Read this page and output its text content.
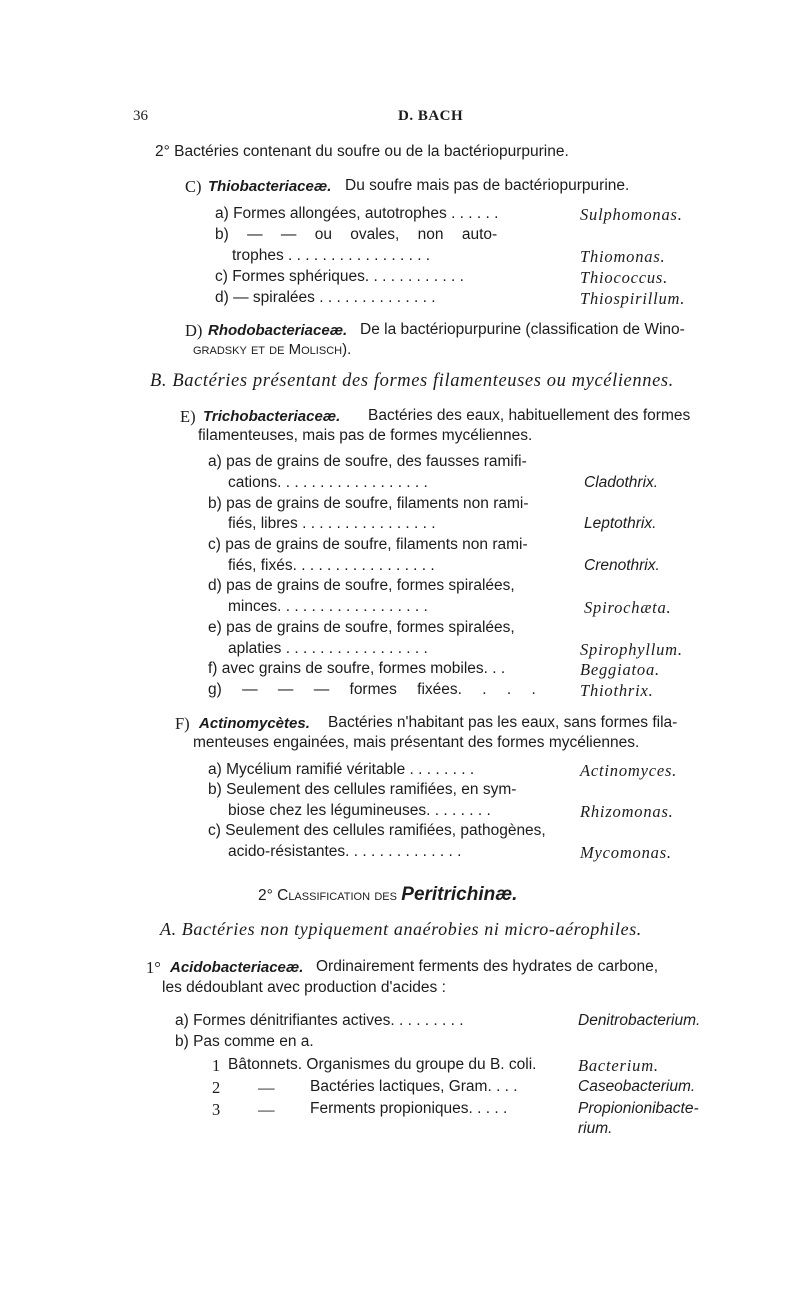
36	D. BACH
2° Bactéries contenant du soufre ou de la bactériopurpurine.
C) Thiobacteriaceæ. Du soufre mais pas de bactériopurpurine.
a) Formes allongées, autotrophes . . . . . .	Sulphomonas.
b) — — ou ovales, non auto-
trophes . . . . . . . . . . . . . . . . .	Thiomonas.
c) Formes sphériques. . . . . . . . . . . .	Thiococcus.
d) — spiralées . . . . . . . . . . . . . .	Thiospirillum.
D) Rhodobacteriaceæ. De la bactériopurpurine (classification de Wino-
gradsky et de Molisch).
B. Bactéries présentant des formes filamenteuses ou mycéliennes.
E) Trichobacteriaceæ. Bactéries des eaux, habituellement des formes
filamenteuses, mais pas de formes mycéliennes.
a) pas de grains de soufre, des fausses ramifi-
cations. . . . . . . . . . . . . . . . . .	Cladothrix.
b) pas de grains de soufre, filaments non rami-
fiés, libres . . . . . . . . . . . . . . . .	Leptothrix.
c) pas de grains de soufre, filaments non rami-
fiés, fixés. . . . . . . . . . . . . . . . .	Crenothrix.
d) pas de grains de soufre, formes spiralées,
minces. . . . . . . . . . . . . . . . . .	Spirochæta.
e) pas de grains de soufre, formes spiralées,
aplaties . . . . . . . . . . . . . . . . .	Spirophyllum.
f) avec grains de soufre, formes mobiles. . .	Beggiatoa.
g) — — — formes fixées. . . .	Thiothrix.
F) Actinomycètes. Bactéries n'habitant pas les eaux, sans formes fila-
menteuses engainées, mais présentant des formes mycéliennes.
a) Mycélium ramifié véritable . . . . . . . .	Actinomyces.
b) Seulement des cellules ramifiées, en sym-
biose chez les légumineuses. . . . . . . .	Rhizomonas.
c) Seulement des cellules ramifiées, pathogènes,
acido-résistantes. . . . . . . . . . . . . .	Mycomonas.
2° Classification des Peritrichinæ.
A. Bactéries non typiquement anaérobies ni micro-aérophiles.
1° Acidobacteriaceæ. Ordinairement ferments des hydrates de carbone,
les dédoublant avec production d'acides :
a) Formes dénitrifiantes actives. . . . . . . . .	Denitrobacterium.
b) Pas comme en a.
1 Bâtonnets. Organismes du groupe du B. coli.	Bacterium.
2 — Bactéries lactiques, Gram. . . .	Caseobacterium.
3 — Ferments propioniques. . . . .	Propionionibacte-
rium.
